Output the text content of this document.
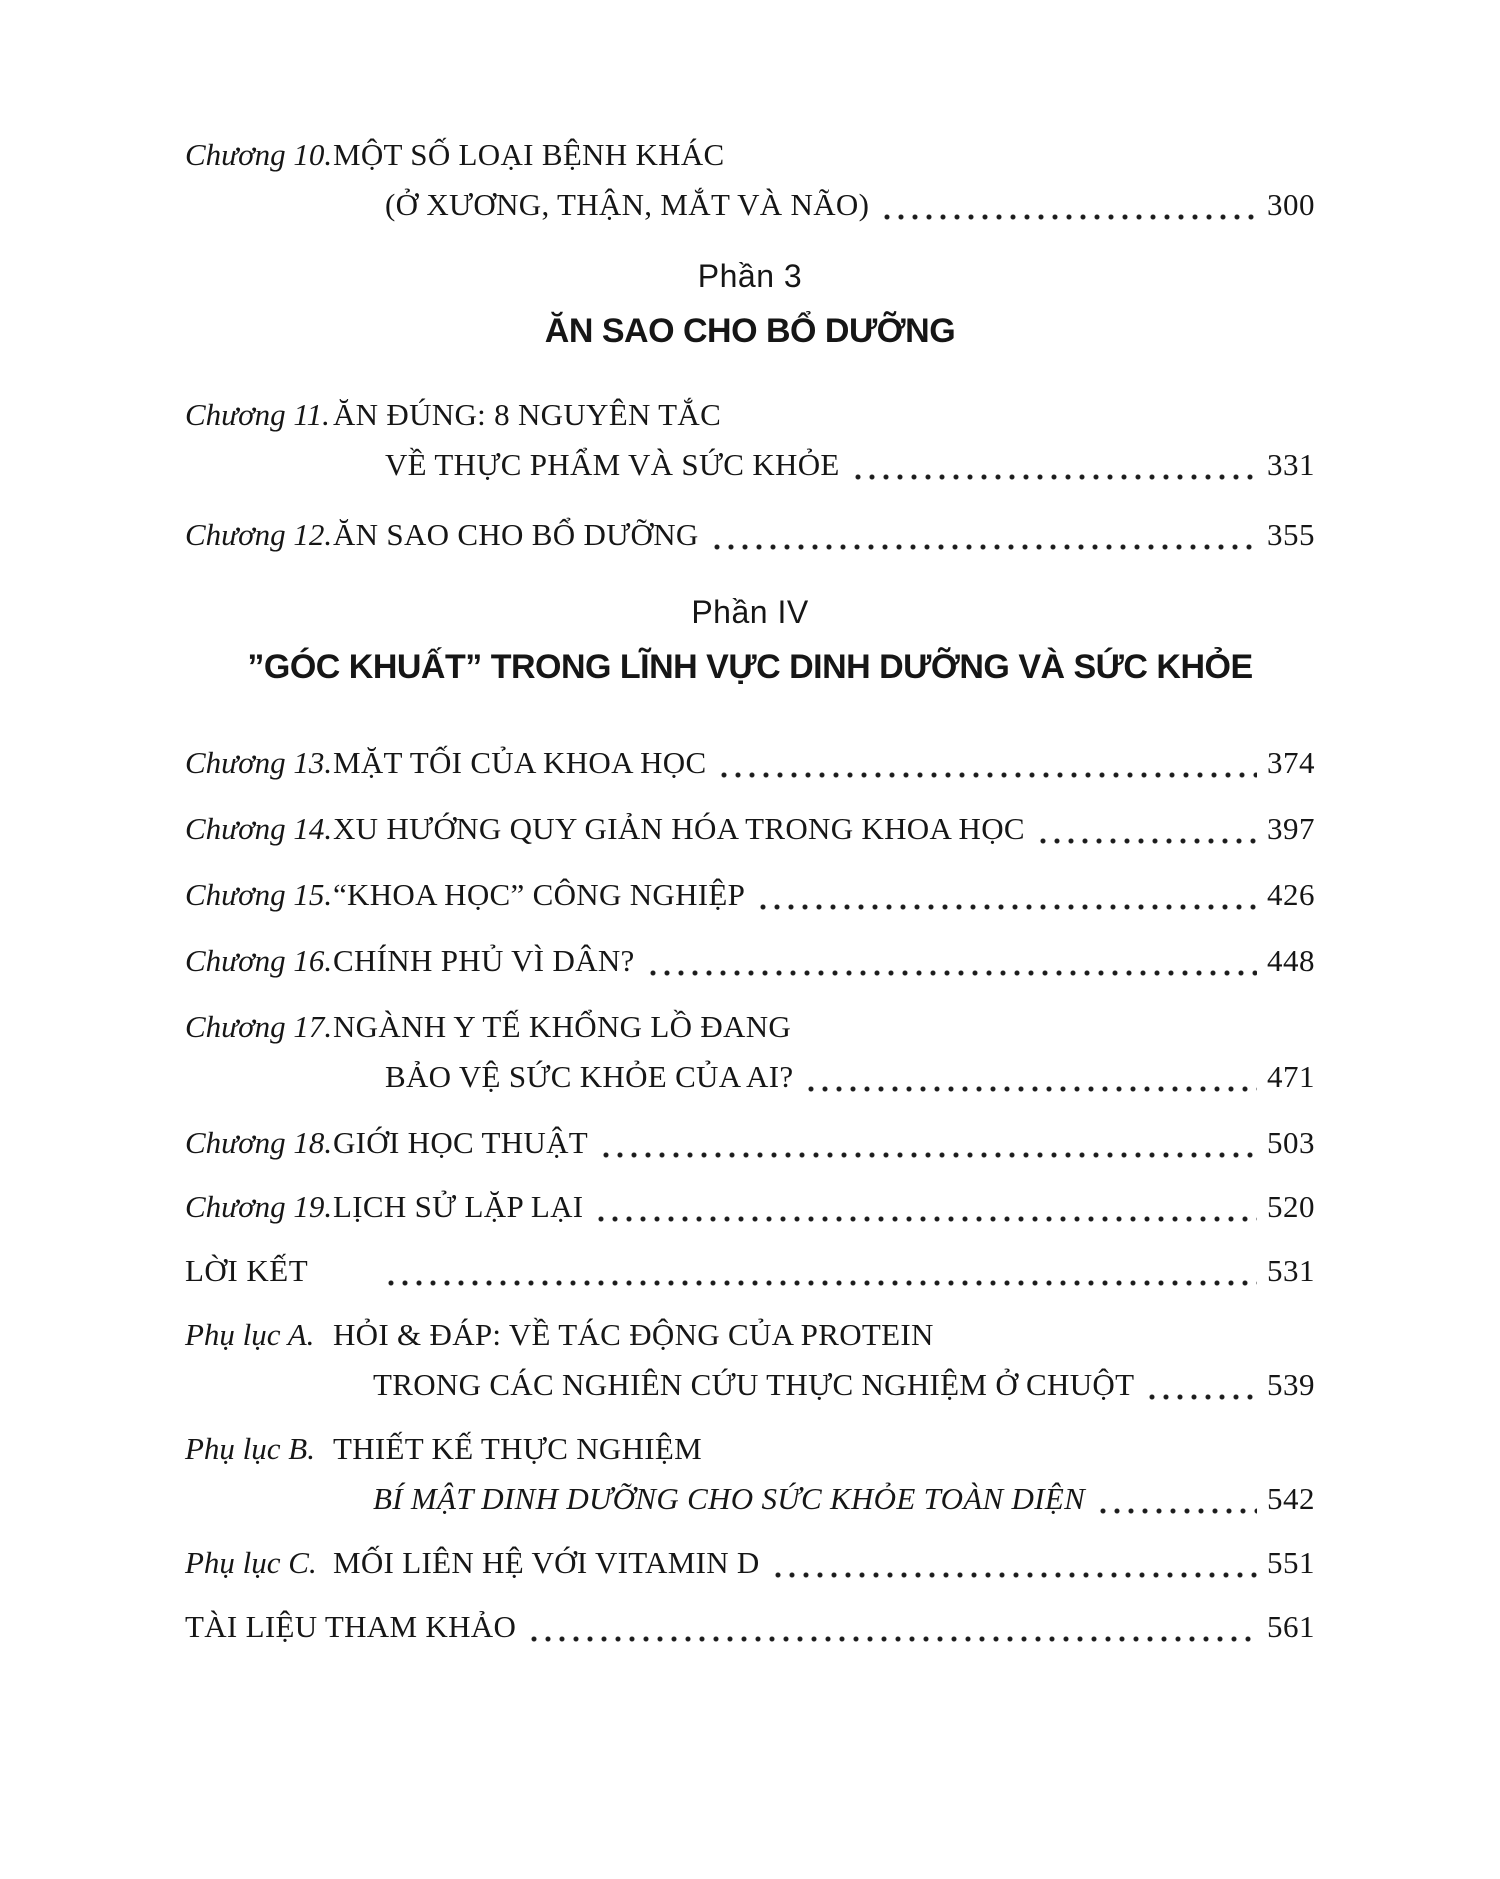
Chương 10. MỘT SỐ LOẠI BỆNH KHÁC
(Ở XƯƠNG, THẬN, MẮT VÀ NÃO)	300
Phần 3
ĂN SAO CHO BỔ DƯỠNG
Chương 11. ĂN ĐÚNG: 8 NGUYÊN TẮC
VỀ THỰC PHẨM VÀ SỨC KHỎE	331
Chương 12. ĂN SAO CHO BỔ DƯỠNG	355
Phần IV
”GÓC KHUẤT” TRONG LĨNH VỰC DINH DƯỠNG VÀ SỨC KHỎE
Chương 13. MẶT TỐI CỦA KHOA HỌC	374
Chương 14. XU HƯỚNG QUY GIẢN HÓA TRONG KHOA HỌC	397
Chương 15. “KHOA HỌC” CÔNG NGHIỆP	426
Chương 16. CHÍNH PHỦ VÌ DÂN?	448
Chương 17. NGÀNH Y TẾ KHỔNG LỒ ĐANG
BẢO VỆ SỨC KHỎE CỦA AI?	471
Chương 18. GIỚI HỌC THUẬT	503
Chương 19. LỊCH SỬ LẶP LẠI	520
LỜI KẾT	531
Phụ lục A. HỎI & ĐÁP: VỀ TÁC ĐỘNG CỦA PROTEIN
TRONG CÁC NGHIÊN CỨU THỰC NGHIỆM Ở CHUỘT	539
Phụ lục B. THIẾT KẾ THỰC NGHIỆM
BÍ MẬT DINH DƯỠNG CHO SỨC KHỎE TOÀN DIỆN	542
Phụ lục C. MỐI LIÊN HỆ VỚI VITAMIN D	551
TÀI LIỆU THAM KHẢO	561
